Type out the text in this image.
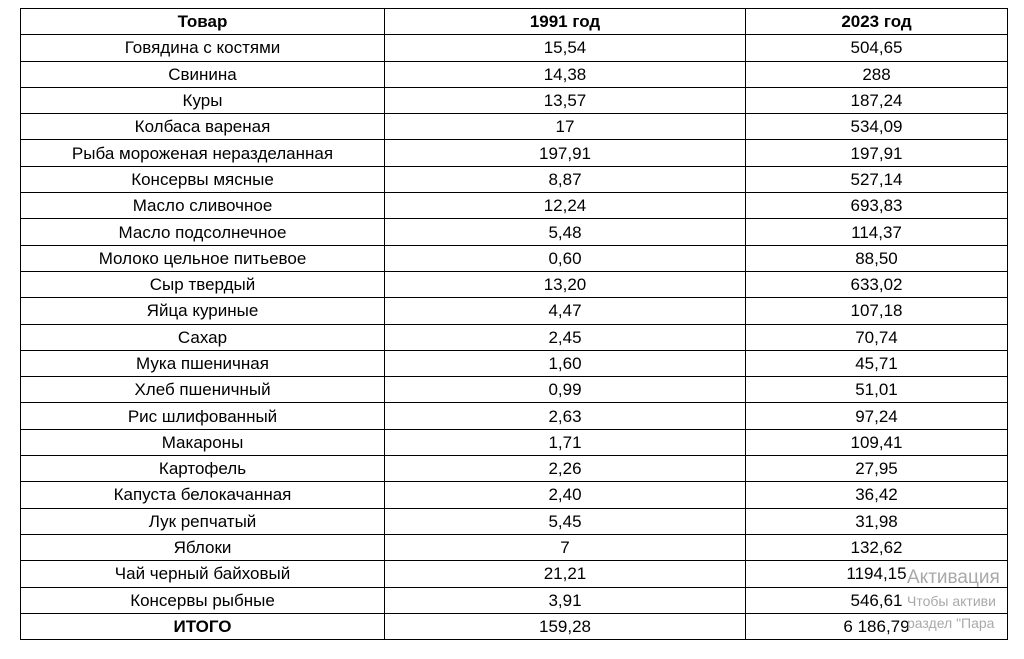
Товар	1991 год	2023 год
Говядина с костями	15,54	504,65
Свинина	14,38	288
Куры	13,57	187,24
Колбаса вареная	17	534,09
Рыба мороженая неразделанная	197,91	197,91
Консервы мясные	8,87	527,14
Масло сливочное	12,24	693,83
Масло подсолнечное	5,48	114,37
Молоко цельное питьевое	0,60	88,50
Сыр твердый	13,20	633,02
Яйца куриные	4,47	107,18
Сахар	2,45	70,74
Мука пшеничная	1,60	45,71
Хлеб пшеничный	0,99	51,01
Рис шлифованный	2,63	97,24
Макароны	1,71	109,41
Картофель	2,26	27,95
Капуста белокачанная	2,40	36,42
Лук репчатый	5,45	31,98
Яблоки	7	132,62
Чай черный байховый	21,21	1194,15
Консервы рыбные	3,91	546,61
ИТОГО	159,28	6 186,79
Активация
Чтобы активи
раздел "Пара
